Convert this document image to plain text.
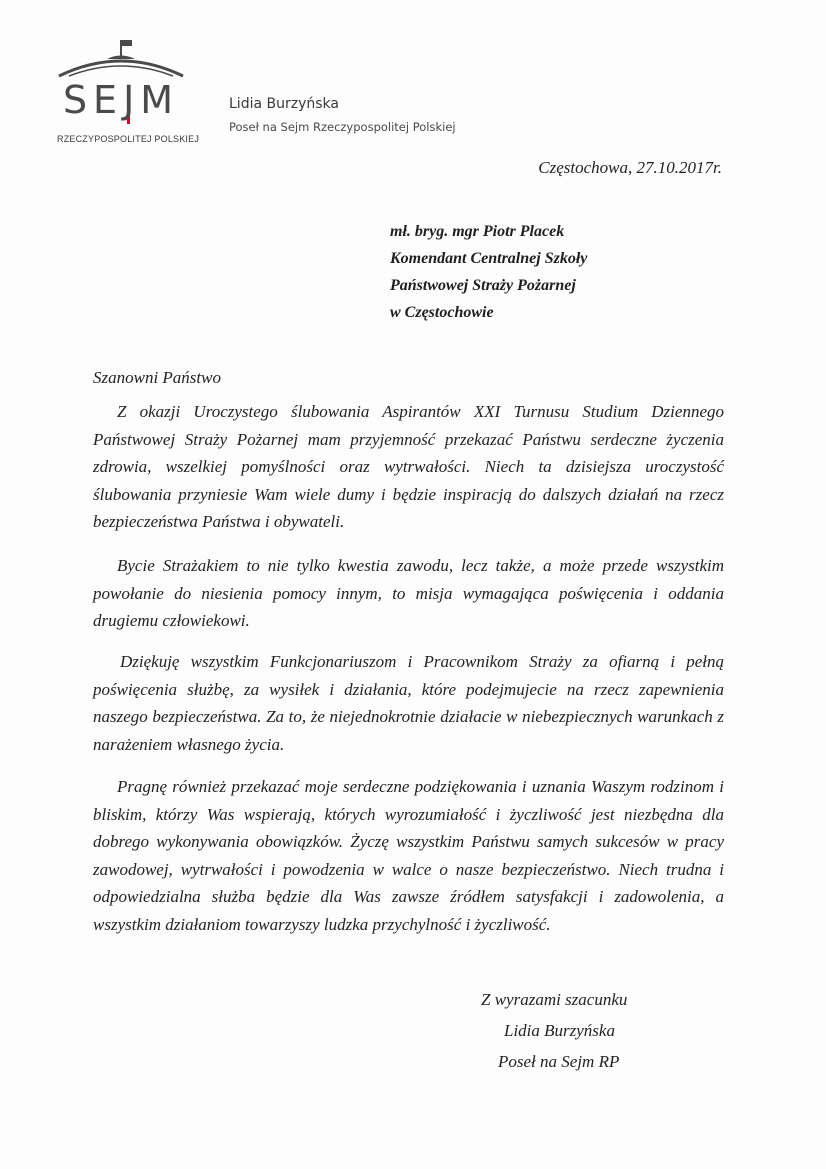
SEJM
RZECZYPOSPOLITEJ POLSKIEJ
Lidia Burzyńska
Poseł na Sejm Rzeczypospolitej Polskiej
Częstochowa, 27.10.2017r.
mł. bryg. mgr Piotr Placek
Komendant Centralnej Szkoły
Państwowej Straży Pożarnej
w Częstochowie
Szanowni Państwo

Z okazji Uroczystego ślubowania Aspirantów XXI Turnusu Studium Dziennego Państwowej Straży Pożarnej mam przyjemność przekazać Państwu serdeczne życzenia zdrowia, wszelkiej pomyślności oraz wytrwałości. Niech ta dzisiejsza uroczystość ślubowania przyniesie Wam wiele dumy i będzie inspiracją do dalszych działań na rzecz bezpieczeństwa Państwa i obywateli.

Bycie Strażakiem to nie tylko kwestia zawodu, lecz także, a może przede wszystkim powołanie do niesienia pomocy innym, to misja wymagająca poświęcenia i oddania drugiemu człowiekowi.

Dziękuję wszystkim Funkcjonariuszom i Pracownikom Straży za ofiarną i pełną poświęcenia służbę, za wysiłek i działania, które podejmujecie na rzecz zapewnienia naszego bezpieczeństwa. Za to, że niejednokrotnie działacie w niebezpiecznych warunkach z narażeniem własnego życia.

Pragnę również przekazać moje serdeczne podziękowania i uznania Waszym rodzinom i bliskim, którzy Was wspierają, których wyrozumiałość i życzliwość jest niezbędna dla dobrego wykonywania obowiązków. Życzę wszystkim Państwu samych sukcesów w pracy zawodowej, wytrwałości i powodzenia w walce o nasze bezpieczeństwo. Niech trudna i odpowiedzialna służba będzie dla Was zawsze źródłem satysfakcji i zadowolenia, a wszystkim działaniom towarzyszy ludzka przychylność i życzliwość.

Z wyrazami szacunku
Lidia Burzyńska
Poseł na Sejm RP
